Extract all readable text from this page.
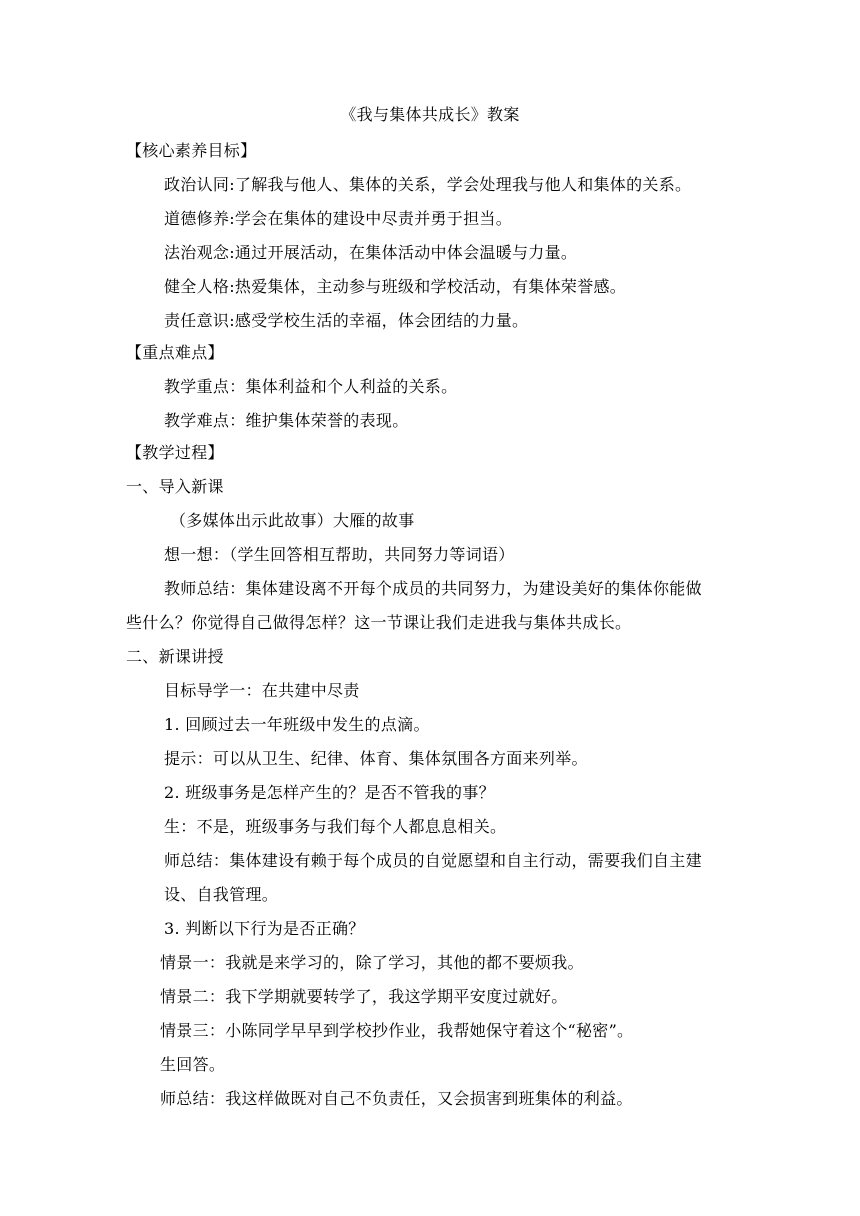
《我与集体共成长》教案
【核心素养目标】
政治认同:了解我与他人、集体的关系，学会处理我与他人和集体的关系。
道德修养:学会在集体的建设中尽责并勇于担当。
法治观念:通过开展活动，在集体活动中体会温暖与力量。
健全人格:热爱集体，主动参与班级和学校活动，有集体荣誉感。
责任意识:感受学校生活的幸福，体会团结的力量。
【重点难点】
教学重点：集体利益和个人利益的关系。
教学难点：维护集体荣誉的表现。
【教学过程】
一、导入新课
（多媒体出示此故事）大雁的故事
想一想：（学生回答相互帮助，共同努力等词语）
教师总结：集体建设离不开每个成员的共同努力，为建设美好的集体你能做
些什么？你觉得自己做得怎样？这一节课让我们走进我与集体共成长。
二、新课讲授
目标导学一：在共建中尽责
1. 回顾过去一年班级中发生的点滴。
提示：可以从卫生、纪律、体育、集体氛围各方面来列举。
2. 班级事务是怎样产生的？是否不管我的事？
生：不是，班级事务与我们每个人都息息相关。
师总结：集体建设有赖于每个成员的自觉愿望和自主行动，需要我们自主建
设、自我管理。
3. 判断以下行为是否正确？
情景一：我就是来学习的，除了学习，其他的都不要烦我。
情景二：我下学期就要转学了，我这学期平安度过就好。
情景三：小陈同学早早到学校抄作业，我帮她保守着这个“秘密”。
生回答。
师总结：我这样做既对自己不负责任，又会损害到班集体的利益。
